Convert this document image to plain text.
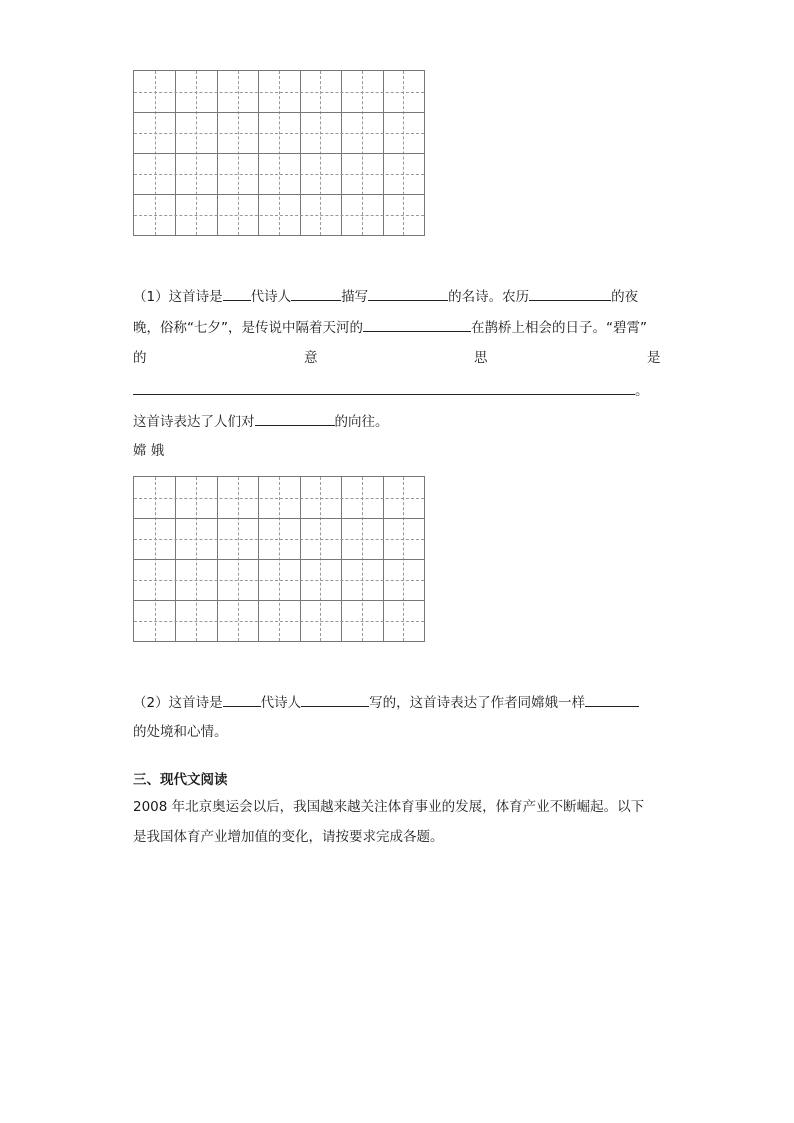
（1）这首诗是 代诗人	描写	的名诗。农历	的夜
晚，俗称“七夕”，是传说中隔着天河的	在鹊桥上相会的日子。“碧霄”
的	意	思	是
。
这首诗表达了人们对	的向往。
嫦 娥
（2）这首诗是	代诗人	写的，这首诗表达了作者同嫦娥一样
的处境和心情。
三、现代文阅读
2008 年北京奥运会以后，我国越来越关注体育事业的发展，体育产业不断崛起。以下
是我国体育产业增加值的变化，请按要求完成各题。
